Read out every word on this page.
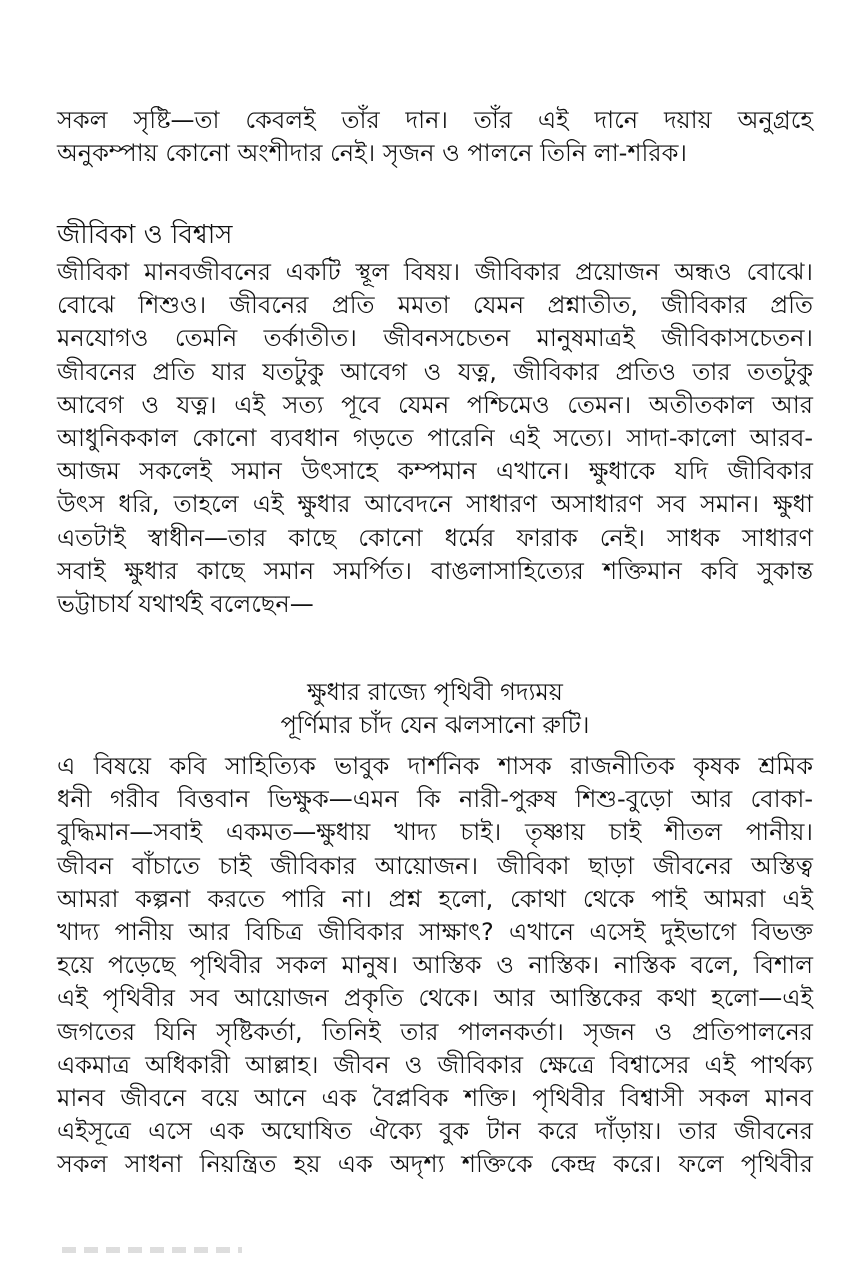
সকল সৃষ্টি—তা কেবলই তাঁর দান। তাঁর এই দানে দয়ায় অনুগ্রহে
অনুকম্পায় কোনো অংশীদার নেই। সৃজন ও পালনে তিনি লা-শরিক।
জীবিকা ও বিশ্বাস
জীবিকা মানবজীবনের একটি স্থূল বিষয়। জীবিকার প্রয়োজন অন্ধও বোঝে।
বোঝে শিশুও। জীবনের প্রতি মমতা যেমন প্রশ্নাতীত, জীবিকার প্রতি
মনযোগও তেমনি তর্কাতীত। জীবনসচেতন মানুষমাত্রই জীবিকাসচেতন।
জীবনের প্রতি যার যতটুকু আবেগ ও যত্ন, জীবিকার প্রতিও তার ততটুকু
আবেগ ও যত্ন। এই সত্য পূবে যেমন পশ্চিমেও তেমন। অতীতকাল আর
আধুনিককাল কোনো ব্যবধান গড়তে পারেনি এই সত্যে। সাদা-কালো আরব-
আজম সকলেই সমান উৎসাহে কম্পমান এখানে। ক্ষুধাকে যদি জীবিকার
উৎস ধরি, তাহলে এই ক্ষুধার আবেদনে সাধারণ অসাধারণ সব সমান। ক্ষুধা
এতটাই স্বাধীন—তার কাছে কোনো ধর্মের ফারাক নেই। সাধক সাধারণ
সবাই ক্ষুধার কাছে সমান সমর্পিত। বাঙলাসাহিত্যের শক্তিমান কবি সুকান্ত
ভট্টাচার্য যথার্থই বলেছেন—
ক্ষুধার রাজ্যে পৃথিবী গদ্যময়
পূর্ণিমার চাঁদ যেন ঝলসানো রুটি।
এ বিষয়ে কবি সাহিত্যিক ভাবুক দার্শনিক শাসক রাজনীতিক কৃষক শ্রমিক
ধনী গরীব বিত্তবান ভিক্ষুক—এমন কি নারী-পুরুষ শিশু-বুড়ো আর বোকা-
বুদ্ধিমান—সবাই একমত—ক্ষুধায় খাদ্য চাই। তৃষ্ণায় চাই শীতল পানীয়।
জীবন বাঁচাতে চাই জীবিকার আয়োজন। জীবিকা ছাড়া জীবনের অস্তিত্ব
আমরা কল্পনা করতে পারি না। প্রশ্ন হলো, কোথা থেকে পাই আমরা এই
খাদ্য পানীয় আর বিচিত্র জীবিকার সাক্ষাৎ? এখানে এসেই দুইভাগে বিভক্ত
হয়ে পড়েছে পৃথিবীর সকল মানুষ। আস্তিক ও নাস্তিক। নাস্তিক বলে, বিশাল
এই পৃথিবীর সব আয়োজন প্রকৃতি থেকে। আর আস্তিকের কথা হলো—এই
জগতের যিনি সৃষ্টিকর্তা, তিনিই তার পালনকর্তা। সৃজন ও প্রতিপালনের
একমাত্র অধিকারী আল্লাহ। জীবন ও জীবিকার ক্ষেত্রে বিশ্বাসের এই পার্থক্য
মানব জীবনে বয়ে আনে এক বৈপ্লবিক শক্তি। পৃথিবীর বিশ্বাসী সকল মানব
এইসূত্রে এসে এক অঘোষিত ঐক্যে বুক টান করে দাঁড়ায়। তার জীবনের
সকল সাধনা নিয়ন্ত্রিত হয় এক অদৃশ্য শক্তিকে কেন্দ্র করে। ফলে পৃথিবীর
